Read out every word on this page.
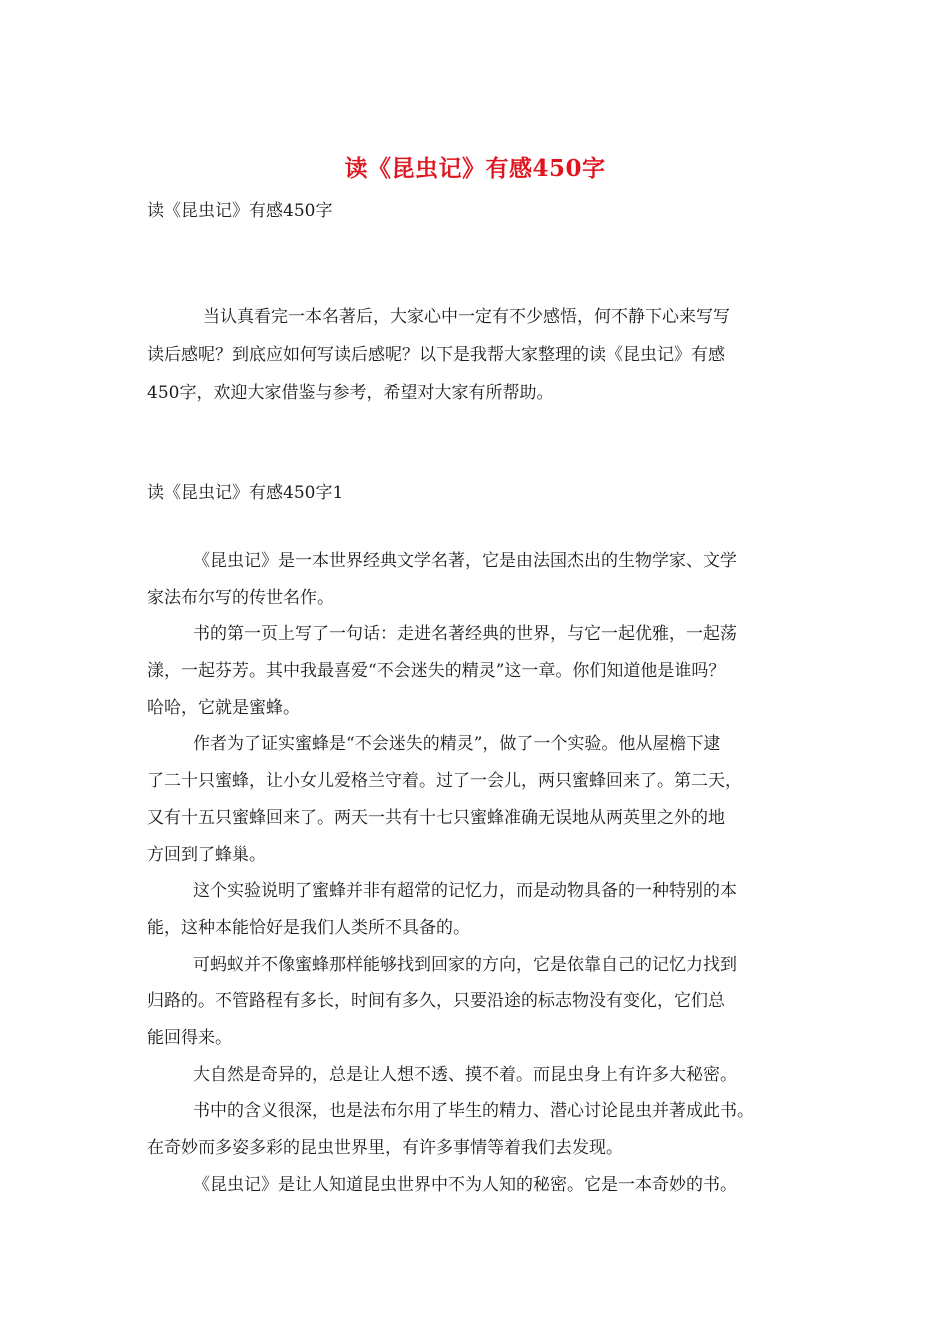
读《昆虫记》有感450字
读《昆虫记》有感450字
当认真看完一本名著后，大家心中一定有不少感悟，何不静下心来写写
读后感呢？到底应如何写读后感呢？以下是我帮大家整理的读《昆虫记》有感
450字，欢迎大家借鉴与参考，希望对大家有所帮助。
读《昆虫记》有感450字1
《昆虫记》是一本世界经典文学名著，它是由法国杰出的生物学家、文学
家法布尔写的传世名作。
书的第一页上写了一句话：走进名著经典的世界，与它一起优雅，一起荡
漾，一起芬芳。其中我最喜爱“不会迷失的精灵”这一章。你们知道他是谁吗？
哈哈，它就是蜜蜂。
作者为了证实蜜蜂是“不会迷失的精灵”，做了一个实验。他从屋檐下逮
了二十只蜜蜂，让小女儿爱格兰守着。过了一会儿，两只蜜蜂回来了。第二天，
又有十五只蜜蜂回来了。两天一共有十七只蜜蜂准确无误地从两英里之外的地
方回到了蜂巢。
这个实验说明了蜜蜂并非有超常的记忆力，而是动物具备的一种特别的本
能，这种本能恰好是我们人类所不具备的。
可蚂蚁并不像蜜蜂那样能够找到回家的方向，它是依靠自己的记忆力找到
归路的。不管路程有多长，时间有多久，只要沿途的标志物没有变化，它们总
能回得来。
大自然是奇异的，总是让人想不透、摸不着。而昆虫身上有许多大秘密。
书中的含义很深，也是法布尔用了毕生的精力、潜心讨论昆虫并著成此书。
在奇妙而多姿多彩的昆虫世界里，有许多事情等着我们去发现。
《昆虫记》是让人知道昆虫世界中不为人知的秘密。它是一本奇妙的书。
